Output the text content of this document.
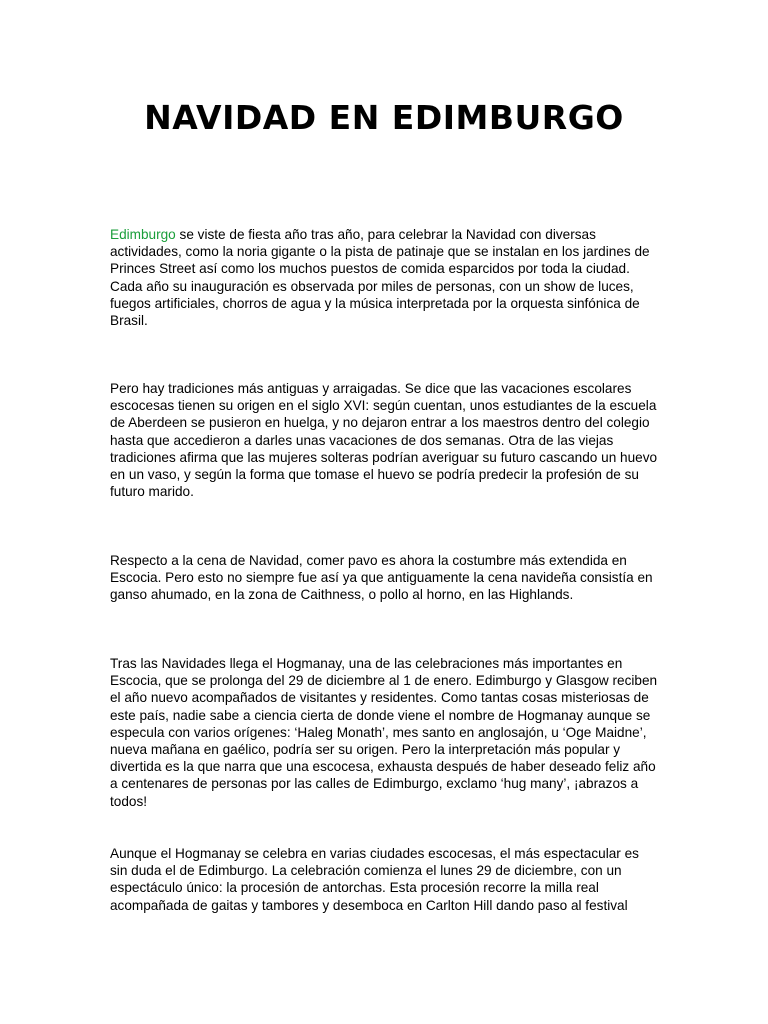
NAVIDAD EN EDIMBURGO

Edimburgo se viste de fiesta año tras año, para celebrar la Navidad con diversas actividades, como la noria gigante o la pista de patinaje que se instalan en los jardines de Princes Street así como los muchos puestos de comida esparcidos por toda la ciudad. Cada año su inauguración es observada por miles de personas, con un show de luces, fuegos artificiales, chorros de agua y la música interpretada por la orquesta sinfónica de Brasil.

Pero hay tradiciones más antiguas y arraigadas. Se dice que las vacaciones escolares escocesas tienen su origen en el siglo XVI: según cuentan, unos estudiantes de la escuela de Aberdeen se pusieron en huelga, y no dejaron entrar a los maestros dentro del colegio hasta que accedieron a darles unas vacaciones de dos semanas. Otra de las viejas tradiciones afirma que las mujeres solteras podrían averiguar su futuro cascando un huevo en un vaso, y según la forma que tomase el huevo se podría predecir la profesión de su futuro marido.

Respecto a la cena de Navidad, comer pavo es ahora la costumbre más extendida en Escocia. Pero esto no siempre fue así ya que antiguamente la cena navideña consistía en ganso ahumado, en la zona de Caithness, o pollo al horno, en las Highlands.

Tras las Navidades llega el Hogmanay, una de las celebraciones más importantes en Escocia, que se prolonga del 29 de diciembre al 1 de enero. Edimburgo y Glasgow reciben el año nuevo acompañados de visitantes y residentes. Como tantas cosas misteriosas de este país, nadie sabe a ciencia cierta de donde viene el nombre de Hogmanay aunque se especula con varios orígenes: ‘Haleg Monath’, mes santo en anglosajón, u ‘Oge Maidne’, nueva mañana en gaélico, podría ser su origen. Pero la interpretación más popular y divertida es la que narra que una escocesa, exhausta después de haber deseado feliz año a centenares de personas por las calles de Edimburgo, exclamo ‘hug many’, ¡abrazos a todos!

Aunque el Hogmanay se celebra en varias ciudades escocesas, el más espectacular es sin duda el de Edimburgo. La celebración comienza el lunes 29 de diciembre, con un espectáculo único: la procesión de antorchas. Esta procesión recorre la milla real acompañada de gaitas y tambores y desemboca en Carlton Hill dando paso al festival
